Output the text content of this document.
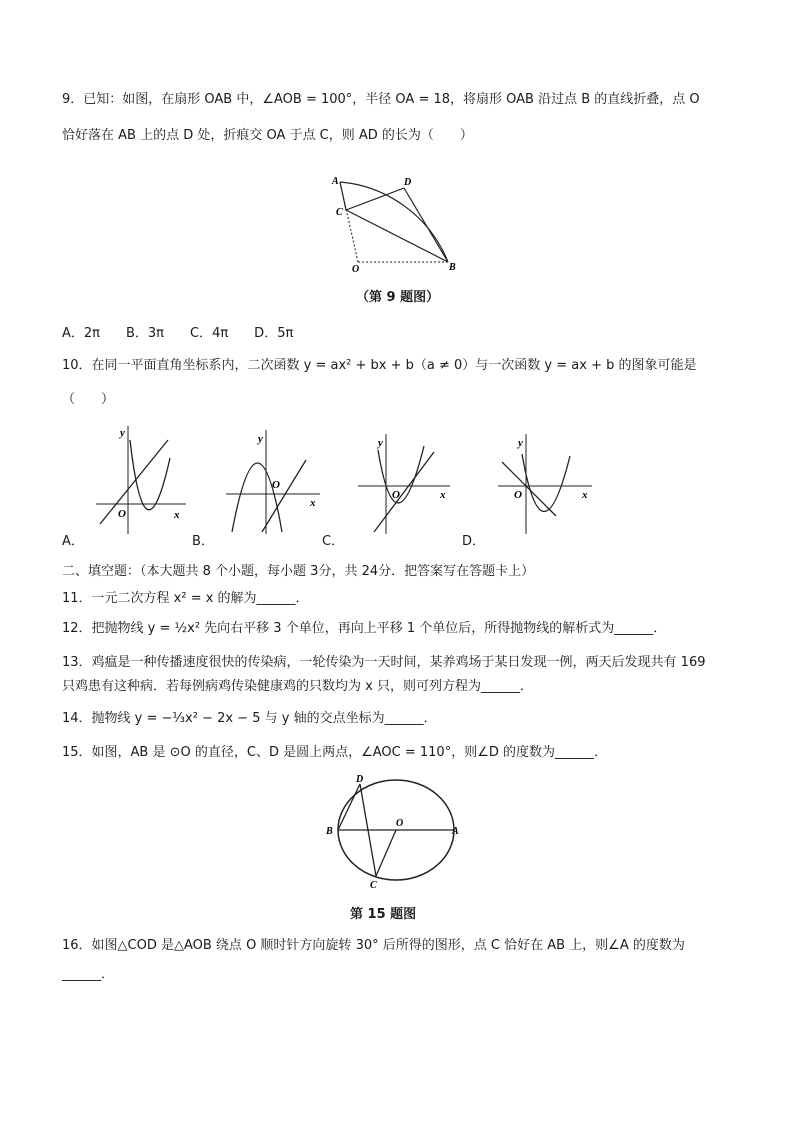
9．已知：如图，在扇形 OAB 中，∠AOB = 100°，半径 OA = 18，将扇形 OAB 沿过点 B 的直线折叠，点 O
恰好落在 AB 上的点 D 处，折痕交 OA 于点 C，则 AD 的长为（　　）
A	D
C
O	B
（第 9 题图）
A．2π　　B．3π　　C．4π　　D．5π
10．在同一平面直角坐标系内，二次函数 y = ax² + bx + b（a ≠ 0）与一次函数 y = ax + b 的图象可能是
（　　）
y
x
O
A．
y
x
O
B．
y
x
O
C．
y
x
O
D．
二、填空题：（本大题共 8 个小题，每小题 3分，共 24分．把答案写在答题卡上）
11．一元二次方程 x² = x 的解为______．
12．把抛物线 y = ½x² 先向右平移 3 个单位，再向上平移 1 个单位后，所得抛物线的解析式为______．
13．鸡瘟是一种传播速度很快的传染病，一轮传染为一天时间，某养鸡场于某日发现一例，两天后发现共有 169
只鸡患有这种病．若每例病鸡传染健康鸡的只数均为 x 只，则可列方程为______．
14．抛物线 y = −⅓x² − 2x − 5 与 y 轴的交点坐标为______．
15．如图，AB 是 ⊙O 的直径，C、D 是圆上两点，∠AOC = 110°，则∠D 的度数为______．
D
B
O
A
C
第 15 题图
16．如图△COD 是△AOB 绕点 O 顺时针方向旋转 30° 后所得的图形，点 C 恰好在 AB 上，则∠A 的度数为
______．
